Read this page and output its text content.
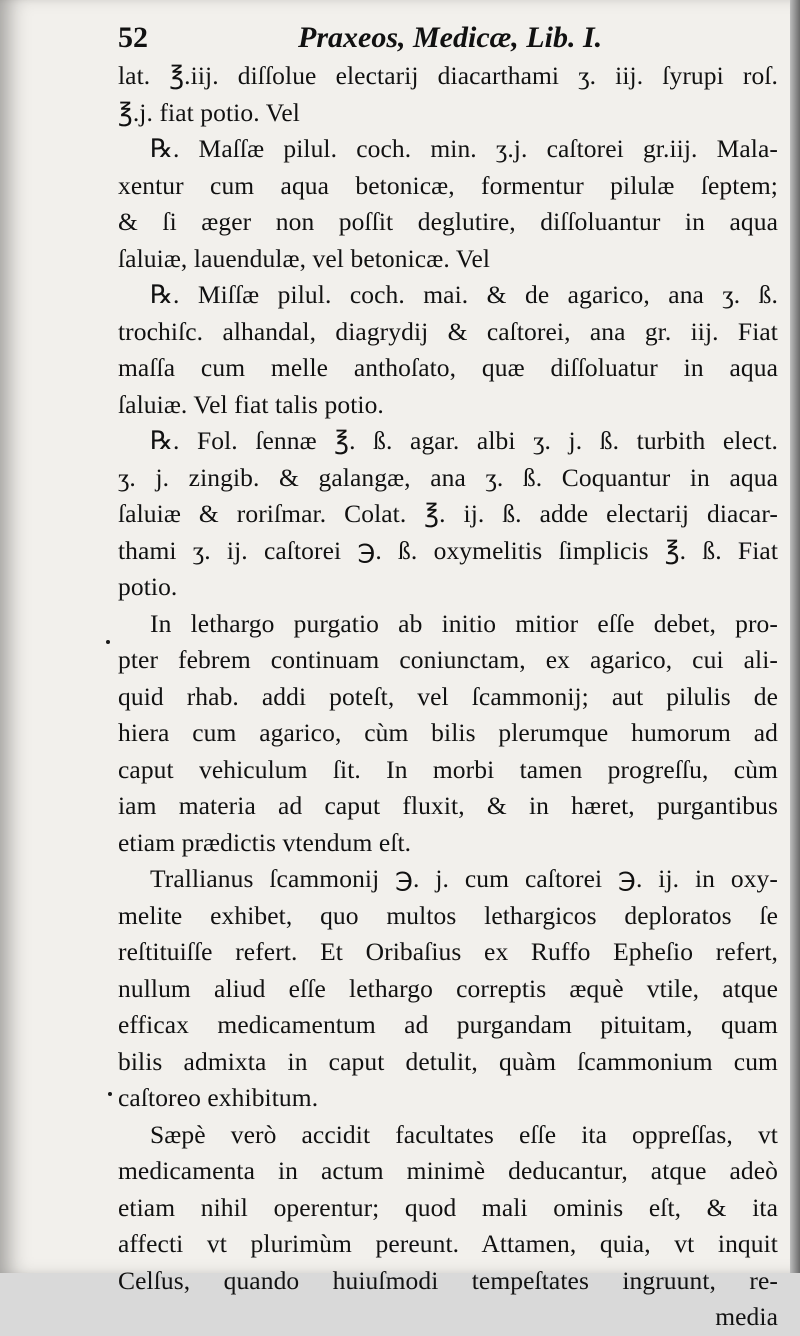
52	Praxeos, Medicæ, Lib. I.
lat. ℥.iij. diſſolue electarij diacarthami ʒ. iij. ſyrupi roſ.
℥.j. fiat potio. Vel
℞. Maſſæ pilul. coch. min. ʒ.j. caſtorei gr.iij. Mala-
xentur cum aqua betonicæ, formentur pilulæ ſeptem;
& ſi æger non poſſit deglutire, diſſoluantur in aqua
ſaluiæ, lauendulæ, vel betonicæ. Vel
℞. Miſſæ pilul. coch. mai. & de agarico, ana ʒ. ß.
trochiſc. alhandal, diagrydij & caſtorei, ana gr. iij. Fiat
maſſa cum melle anthoſato, quæ diſſoluatur in aqua
ſaluiæ. Vel fiat talis potio.
℞. Fol. ſennæ ℥. ß. agar. albi ʒ. j. ß. turbith elect.
ʒ. j. zingib. & galangæ, ana ʒ. ß. Coquantur in aqua
ſaluiæ & roriſmar. Colat. ℥. ij. ß. adde electarij diacar-
thami ʒ. ij. caſtorei ℈. ß. oxymelitis ſimplicis ℥. ß. Fiat
potio.
In lethargo purgatio ab initio mitior eſſe debet, pro-
pter febrem continuam coniunctam, ex agarico, cui ali-
quid rhab. addi poteſt, vel ſcammonij; aut pilulis de
hiera cum agarico, cùm bilis plerumque humorum ad
caput vehiculum ſit. In morbi tamen progreſſu, cùm
iam materia ad caput fluxit, & in hæret, purgantibus
etiam prædictis vtendum eſt.
Trallianus ſcammonij ℈. j. cum caſtorei ℈. ij. in oxy-
melite exhibet, quo multos lethargicos deploratos ſe
reſtituiſſe refert. Et Oribaſius ex Ruffo Epheſio refert,
nullum aliud eſſe lethargo correptis æquè vtile, atque
efficax medicamentum ad purgandam pituitam, quam
bilis admixta in caput detulit, quàm ſcammonium cum
caſtoreo exhibitum.
Sæpè verò accidit facultates eſſe ita oppreſſas, vt
medicamenta in actum minimè deducantur, atque adeò
etiam nihil operentur; quod mali ominis eſt, & ita
affecti vt plurimùm pereunt. Attamen, quia, vt inquit
Celſus, quando huiuſmodi tempeſtates ingruunt, re-
media
